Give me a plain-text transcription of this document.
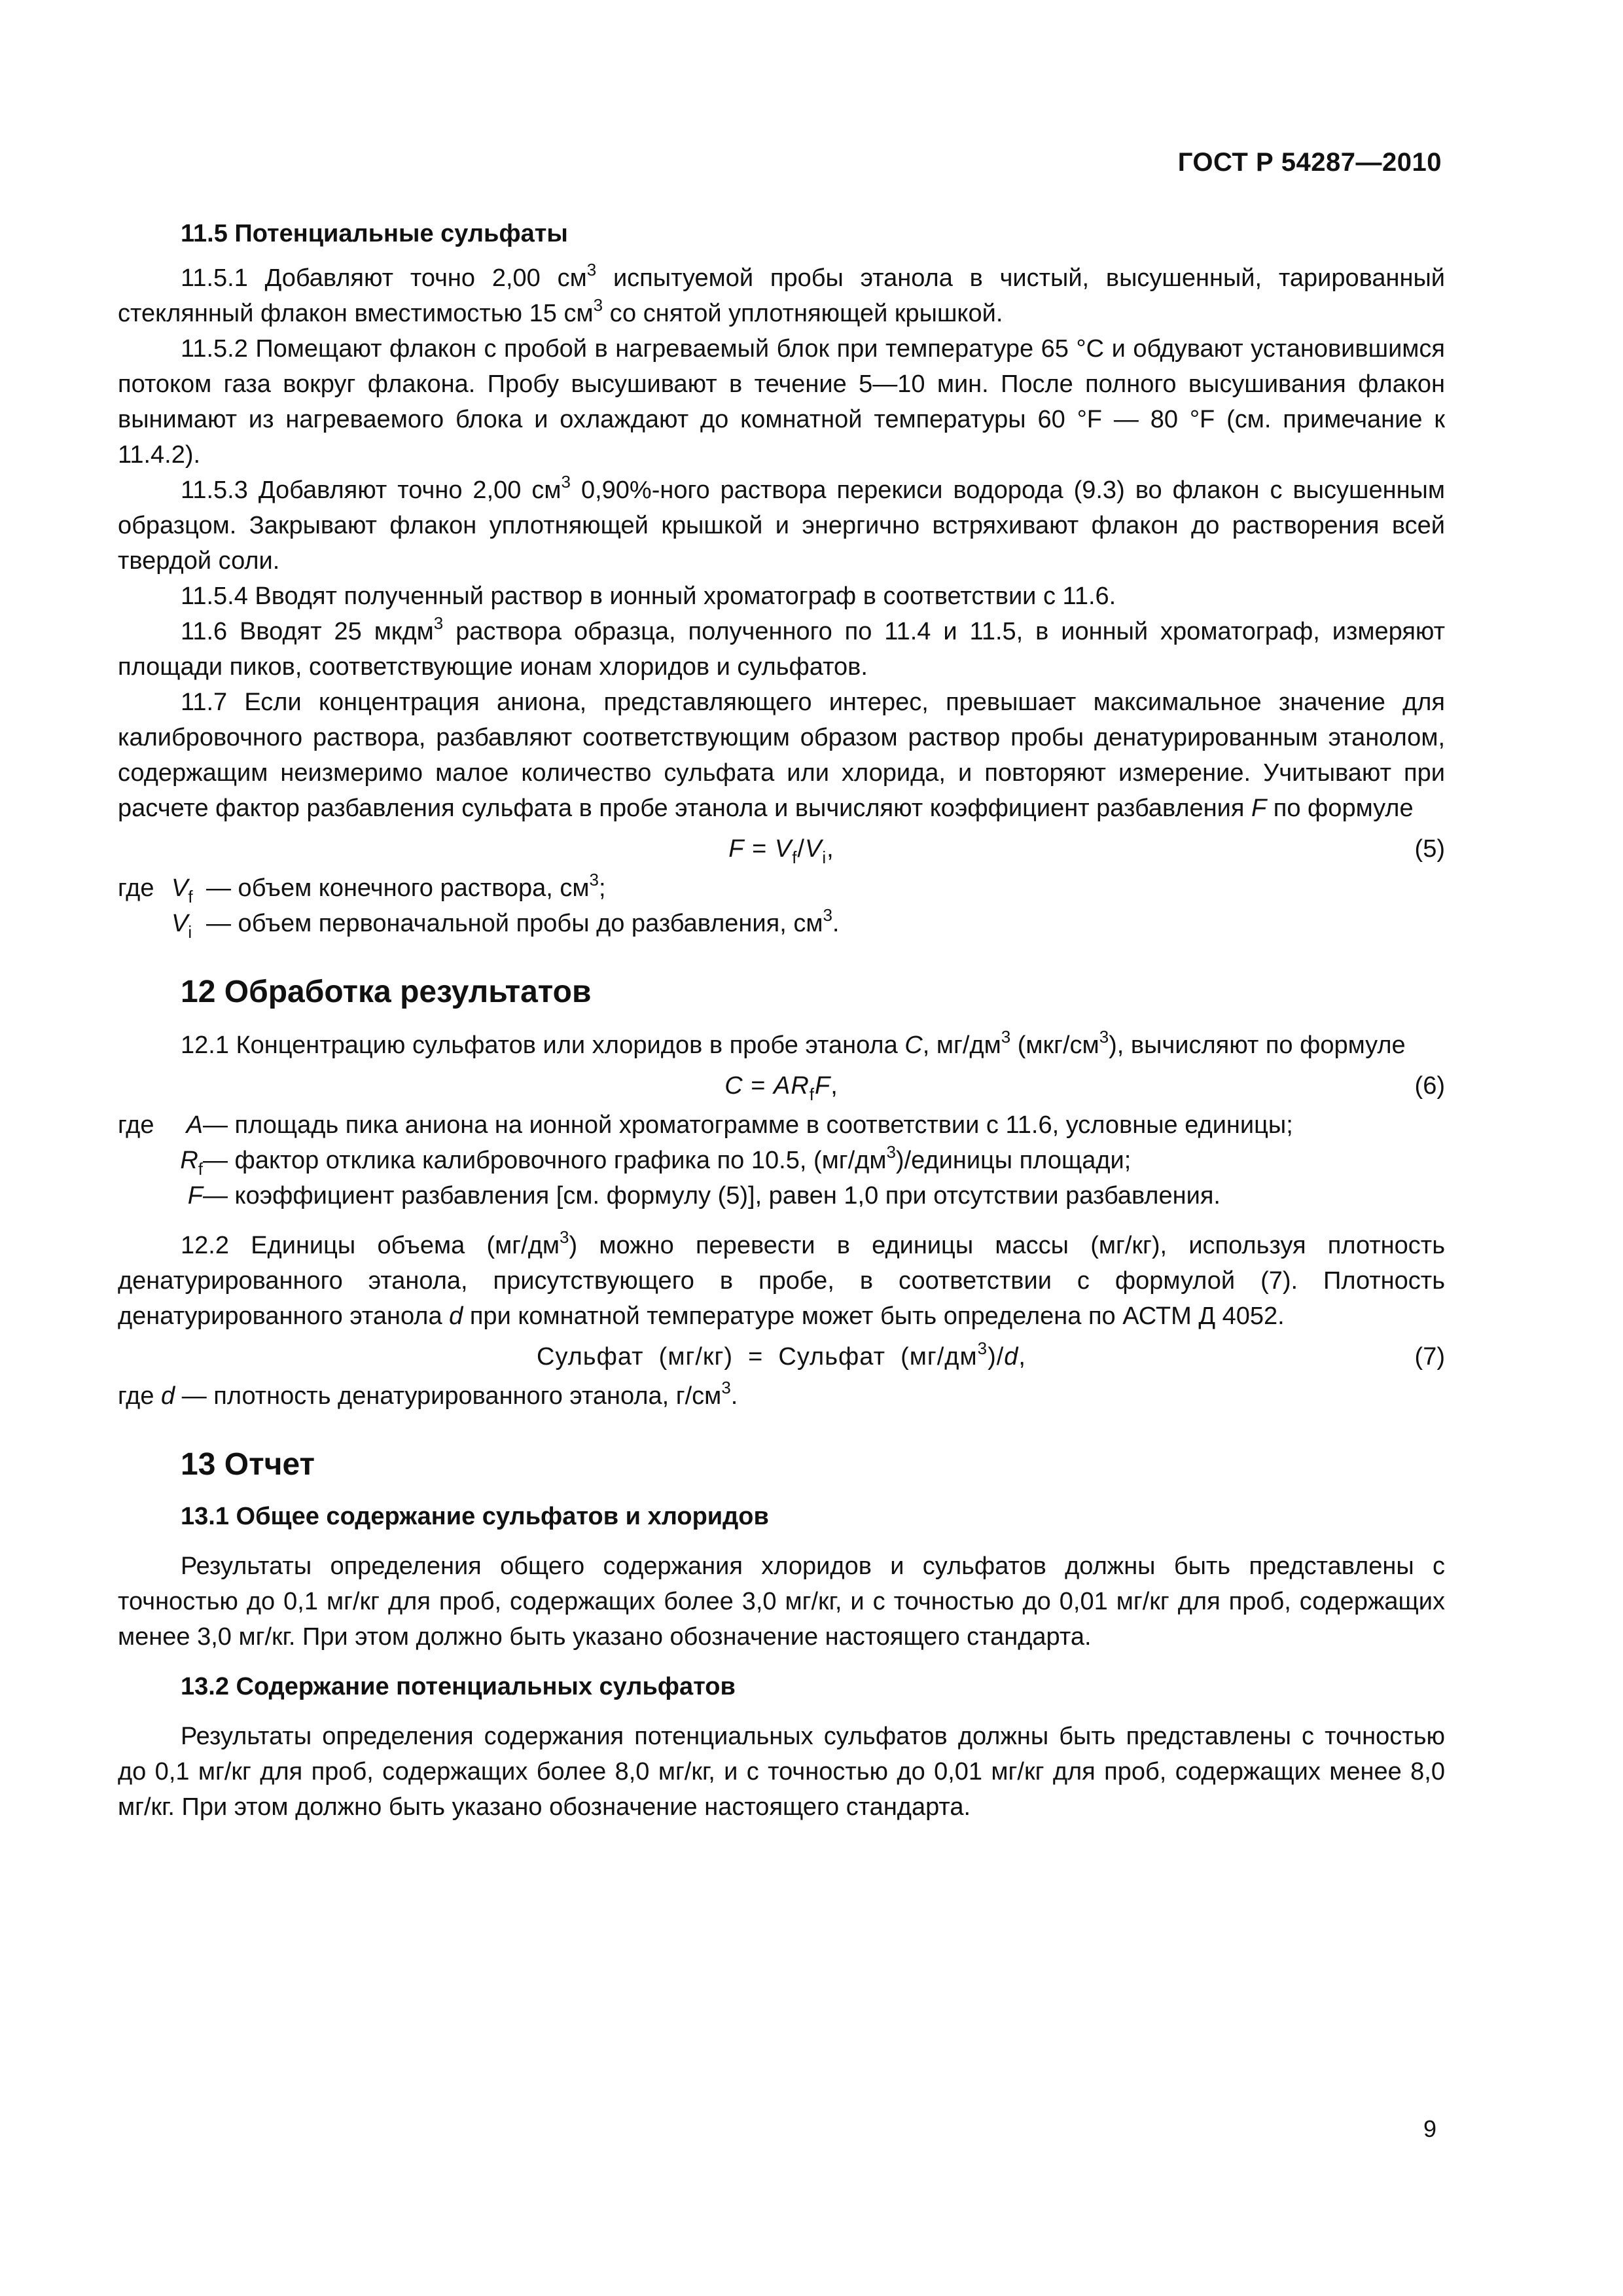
ГОСТ Р 54287—2010
11.5 Потенциальные сульфаты

11.5.1 Добавляют точно 2,00 $см^3$ испытуемой пробы этанола в чистый, высушенный, тарированный стеклянный флакон вместимостью 15 $см^3$ со снятой уплотняющей крышкой.

11.5.2 Помещают флакон с пробой в нагреваемый блок при температуре 65 °С и обдувают установившимся потоком газа вокруг флакона. Пробу высушивают в течение 5—10 мин. После полного высушивания флакон вынимают из нагреваемого блока и охлаждают до комнатной температуры 60 °F — 80 °F (см. примечание к 11.4.2).

11.5.3 Добавляют точно 2,00 $см^3$ 0,90%-ного раствора перекиси водорода (9.3) во флакон с высушенным образцом. Закрывают флакон уплотняющей крышкой и энергично встряхивают флакон до растворения всей твердой соли.

11.5.4 Вводят полученный раствор в ионный хроматограф в соответствии с 11.6.

11.6 Вводят 25 мкдм$^3$ раствора образца, полученного по 11.4 и 11.5, в ионный хроматограф, измеряют площади пиков, соответствующие ионам хлоридов и сульфатов.

11.7 Если концентрация аниона, представляющего интерес, превышает максимальное значение для калибровочного раствора, разбавляют соответствующим образом раствор пробы денатурированным этанолом, содержащим неизмеримо малое количество сульфата или хлорида, и повторяют измерение. Учитывают при расчете фактор разбавления сульфата в пробе этанола и вычисляют коэффициент разбавления F по формуле

$F = V_f/V_i$,	(5)
где $V_f$ — объем конечного раствора, $см^3$;
$V_i$ — объем первоначальной пробы до разбавления, $см^3$.
12 Обработка результатов

12.1 Концентрацию сульфатов или хлоридов в пробе этанола C, $мг/дм^3$ $(мкг/см^3)$, вычисляют по формуле

$C = AR_fF$,	(6)
где	A — площадь пика аниона на ионной хроматограмме в соответствии с 11.6, условные единицы;
$R_f$ — фактор отклика калибровочного графика по 10.5, $(мг/дм^3)$/единицы площади;
F — коэффициент разбавления [см. формулу (5)], равен 1,0 при отсутствии разбавления.

12.2 Единицы объема $(мг/дм^3)$ можно перевести в единицы массы (мг/кг), используя плотность денатурированного этанола, присутствующего в пробе, в соответствии с формулой (7). Плотность денатурированного этанола d при комнатной температуре может быть определена по АСТМ Д 4052.

Сульфат  (мг/кг)  =  Сульфат  $(мг/дм^3)/d$,	(7)

где d — плотность денатурированного этанола, $г/см^3$.

13 Отчет
13.1 Общее содержание сульфатов и хлоридов

Результаты определения общего содержания хлоридов и сульфатов должны быть представлены с точностью до 0,1 мг/кг для проб, содержащих более 3,0 мг/кг, и с точностью до 0,01 мг/кг для проб, содержащих менее 3,0 мг/кг. При этом должно быть указано обозначение настоящего стандарта.

13.2 Содержание потенциальных сульфатов

Результаты определения содержания потенциальных сульфатов должны быть представлены с точностью до 0,1 мг/кг для проб, содержащих более 8,0 мг/кг, и с точностью до 0,01 мг/кг для проб, содержащих менее 8,0 мг/кг. При этом должно быть указано обозначение настоящего стандарта.

9
